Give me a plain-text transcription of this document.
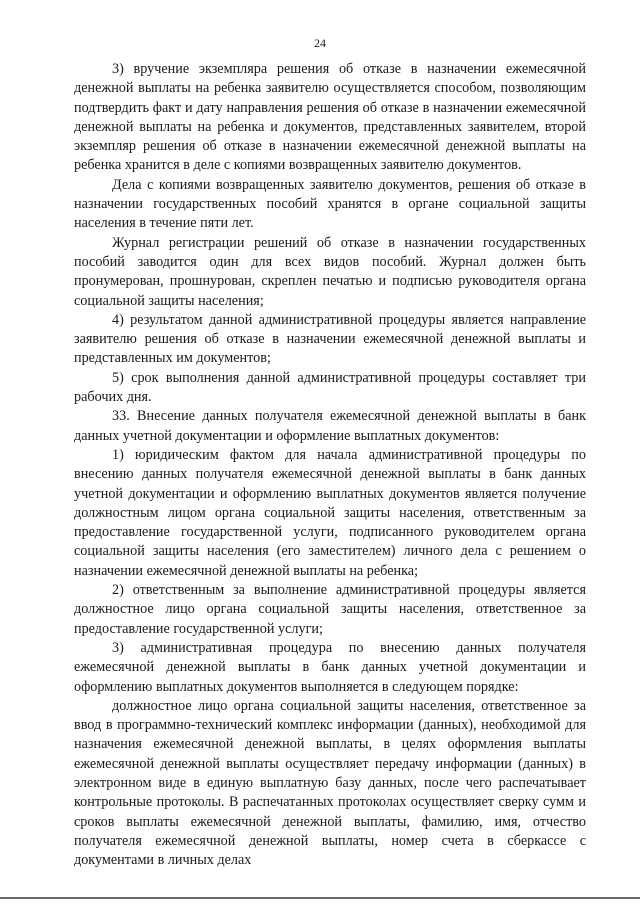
24

3) вручение экземпляра решения об отказе в назначении ежемесячной денежной выплаты на ребенка заявителю осуществляется способом, позволяющим подтвердить факт и дату направления решения об отказе в назначении ежемесячной денежной выплаты на ребенка и документов, представленных заявителем, второй экземпляр решения об отказе в назначении ежемесячной денежной выплаты на ребенка хранится в деле с копиями возвращенных заявителю документов.

Дела с копиями возвращенных заявителю документов, решения об отказе в назначении государственных пособий хранятся в органе социальной защиты населения в течение пяти лет.

Журнал регистрации решений об отказе в назначении государственных пособий заводится один для всех видов пособий. Журнал должен быть пронумерован, прошнурован, скреплен печатью и подписью руководителя органа социальной защиты населения;

4) результатом данной административной процедуры является направление заявителю решения об отказе в назначении ежемесячной денежной выплаты и представленных им документов;

5) срок выполнения данной административной процедуры составляет три рабочих дня.

33. Внесение данных получателя ежемесячной денежной выплаты в банк данных учетной документации и оформление выплатных документов:

1) юридическим фактом для начала административной процедуры по внесению данных получателя ежемесячной денежной выплаты в банк данных учетной документации и оформлению выплатных документов является получение должностным лицом органа социальной защиты населения, ответственным за предоставление государственной услуги, подписанного руководителем органа социальной защиты населения (его заместителем) личного дела с решением о назначении ежемесячной денежной выплаты на ребенка;

2) ответственным за выполнение административной процедуры является должностное лицо органа социальной защиты населения, ответственное за предоставление государственной услуги;

3) административная процедура по внесению данных получателя ежемесячной денежной выплаты в банк данных учетной документации и оформлению выплатных документов выполняется в следующем порядке:

должностное лицо органа социальной защиты населения, ответственное за ввод в программно-технический комплекс информации (данных), необходимой для назначения ежемесячной денежной выплаты, в целях оформления выплаты ежемесячной денежной выплаты осуществляет передачу информации (данных) в электронном виде в единую выплатную базу данных, после чего распечатывает контрольные протоколы. В распечатанных протоколах осуществляет сверку сумм и сроков выплаты ежемесячной денежной выплаты, фамилию, имя, отчество получателя ежемесячной денежной выплаты, номер счета в сберкассе с документами в личных делах
